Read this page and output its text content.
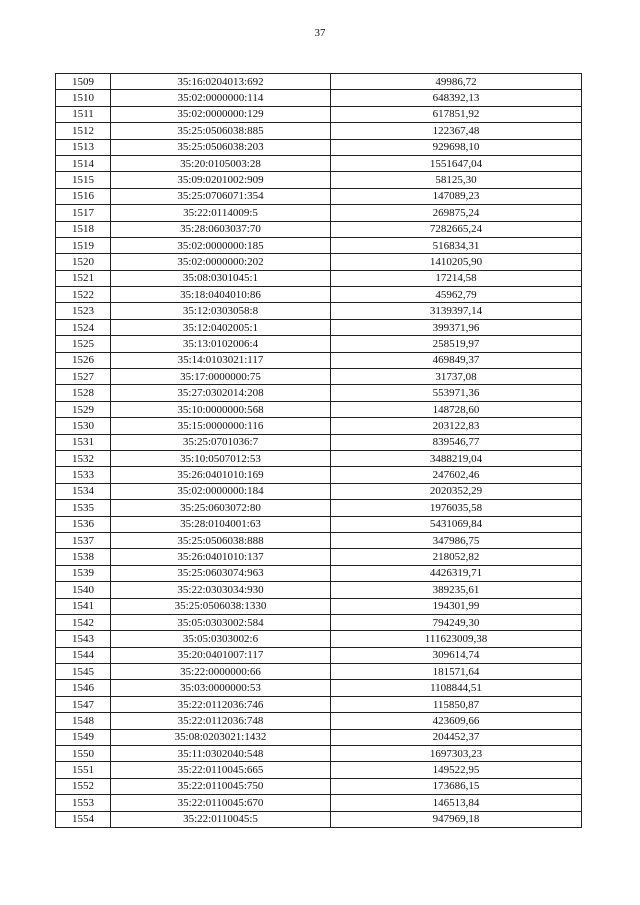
37
1509	35:16:0204013:692	49986,72
1510	35:02:0000000:114	648392,13
1511	35:02:0000000:129	617851,92
1512	35:25:0506038:885	122367,48
1513	35:25:0506038:203	929698,10
1514	35:20:0105003:28	1551647,04
1515	35:09:0201002:909	58125,30
1516	35:25:0706071:354	147089,23
1517	35:22:0114009:5	269875,24
1518	35:28:0603037:70	7282665,24
1519	35:02:0000000:185	516834,31
1520	35:02:0000000:202	1410205,90
1521	35:08:0301045:1	17214,58
1522	35:18:0404010:86	45962,79
1523	35:12:0303058:8	3139397,14
1524	35:12:0402005:1	399371,96
1525	35:13:0102006:4	258519,97
1526	35:14:0103021:117	469849,37
1527	35:17:0000000:75	31737,08
1528	35:27:0302014:208	553971,36
1529	35:10:0000000:568	148728,60
1530	35:15:0000000:116	203122,83
1531	35:25:0701036:7	839546,77
1532	35:10:0507012:53	3488219,04
1533	35:26:0401010:169	247602,46
1534	35:02:0000000:184	2020352,29
1535	35:25:0603072:80	1976035,58
1536	35:28:0104001:63	5431069,84
1537	35:25:0506038:888	347986,75
1538	35:26:0401010:137	218052,82
1539	35:25:0603074:963	4426319,71
1540	35:22:0303034:930	389235,61
1541	35:25:0506038:1330	194301,99
1542	35:05:0303002:584	794249,30
1543	35:05:0303002:6	111623009,38
1544	35:20:0401007:117	309614,74
1545	35:22:0000000:66	181571,64
1546	35:03:0000000:53	1108844,51
1547	35:22:0112036:746	115850,87
1548	35:22:0112036:748	423609,66
1549	35:08:0203021:1432	204452,37
1550	35:11:0302040:548	1697303,23
1551	35:22:0110045:665	149522,95
1552	35:22:0110045:750	173686,15
1553	35:22:0110045:670	146513,84
1554	35:22:0110045:5	947969,18
